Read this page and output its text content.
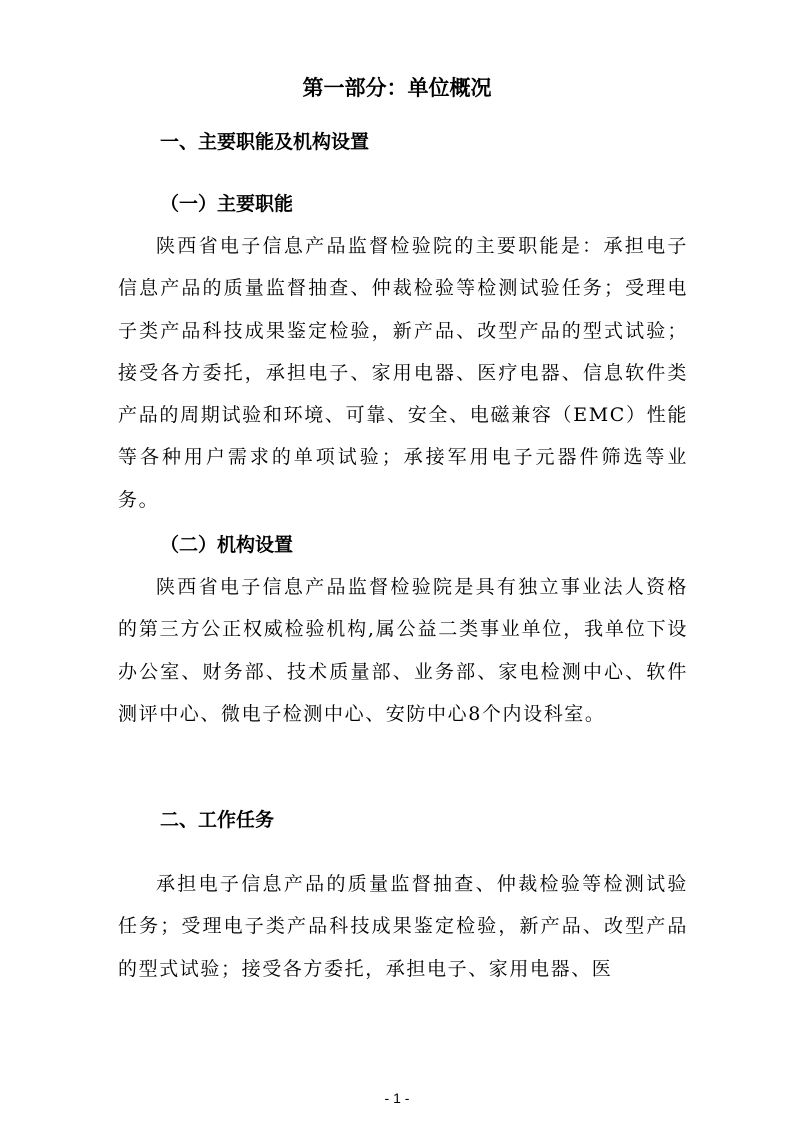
第一部分：单位概况
一、主要职能及机构设置
（一）主要职能

陕西省电子信息产品监督检验院的主要职能是：承担电子信息产品的质量监督抽查、仲裁检验等检测试验任务；受理电子类产品科技成果鉴定检验，新产品、改型产品的型式试验；接受各方委托，承担电子、家用电器、医疗电器、信息软件类产品的周期试验和环境、可靠、安全、电磁兼容（EMC）性能等各种用户需求的单项试验；承接军用电子元器件筛选等业务。

（二）机构设置

陕西省电子信息产品监督检验院是具有独立事业法人资格的第三方公正权威检验机构,属公益二类事业单位，我单位下设办公室、财务部、技术质量部、业务部、家电检测中心、软件测评中心、微电子检测中心、安防中心8个内设科室。

二、工作任务

承担电子信息产品的质量监督抽查、仲裁检验等检测试验任务；受理电子类产品科技成果鉴定检验，新产品、改型产品的型式试验；接受各方委托，承担电子、家用电器、医

- 1 -
